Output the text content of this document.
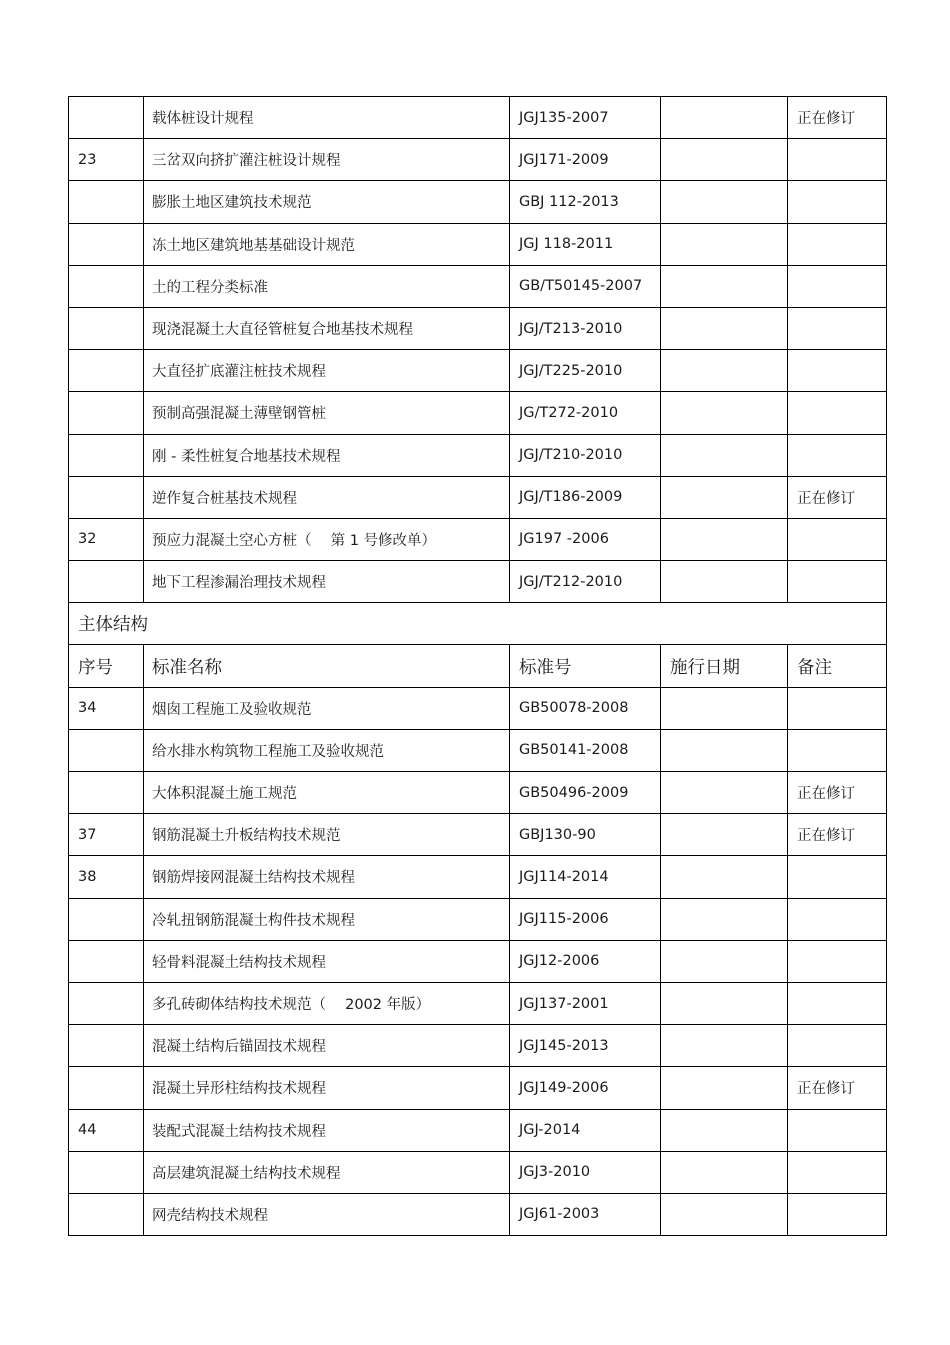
	载体桩设计规程	JGJ135-2007		正在修订
23	三岔双向挤扩灌注桩设计规程	JGJ171-2009		
	膨胀土地区建筑技术规范	GBJ 112-2013		
	冻土地区建筑地基基础设计规范	JGJ 118-2011		
	土的工程分类标准	GB/T50145-2007		
	现浇混凝土大直径管桩复合地基技术规程	JGJ/T213-2010		
	大直径扩底灌注桩技术规程	JGJ/T225-2010		
	预制高强混凝土薄壁钢管桩	JG/T272-2010		
	刚 - 柔性桩复合地基技术规程	JGJ/T210-2010		
	逆作复合桩基技术规程	JGJ/T186-2009		正在修订
32	预应力混凝土空心方桩（　 第 1 号修改单）	JG197 -2006		
	地下工程渗漏治理技术规程	JGJ/T212-2010		
主体结构				
序号	标准名称	标准号	施行日期	备注
34	烟囱工程施工及验收规范	GB50078-2008		
	给水排水构筑物工程施工及验收规范	GB50141-2008		
	大体积混凝土施工规范	GB50496-2009		正在修订
37	钢筋混凝土升板结构技术规范	GBJ130-90		正在修订
38	钢筋焊接网混凝土结构技术规程	JGJ114-2014		
	冷轧扭钢筋混凝土构件技术规程	JGJ115-2006		
	轻骨料混凝土结构技术规程	JGJ12-2006		
	多孔砖砌体结构技术规范（　 2002 年版）	JGJ137-2001		
	混凝土结构后锚固技术规程	JGJ145-2013		
	混凝土异形柱结构技术规程	JGJ149-2006		正在修订
44	装配式混凝土结构技术规程	JGJ-2014		
	高层建筑混凝土结构技术规程	JGJ3-2010		
	网壳结构技术规程	JGJ61-2003		
